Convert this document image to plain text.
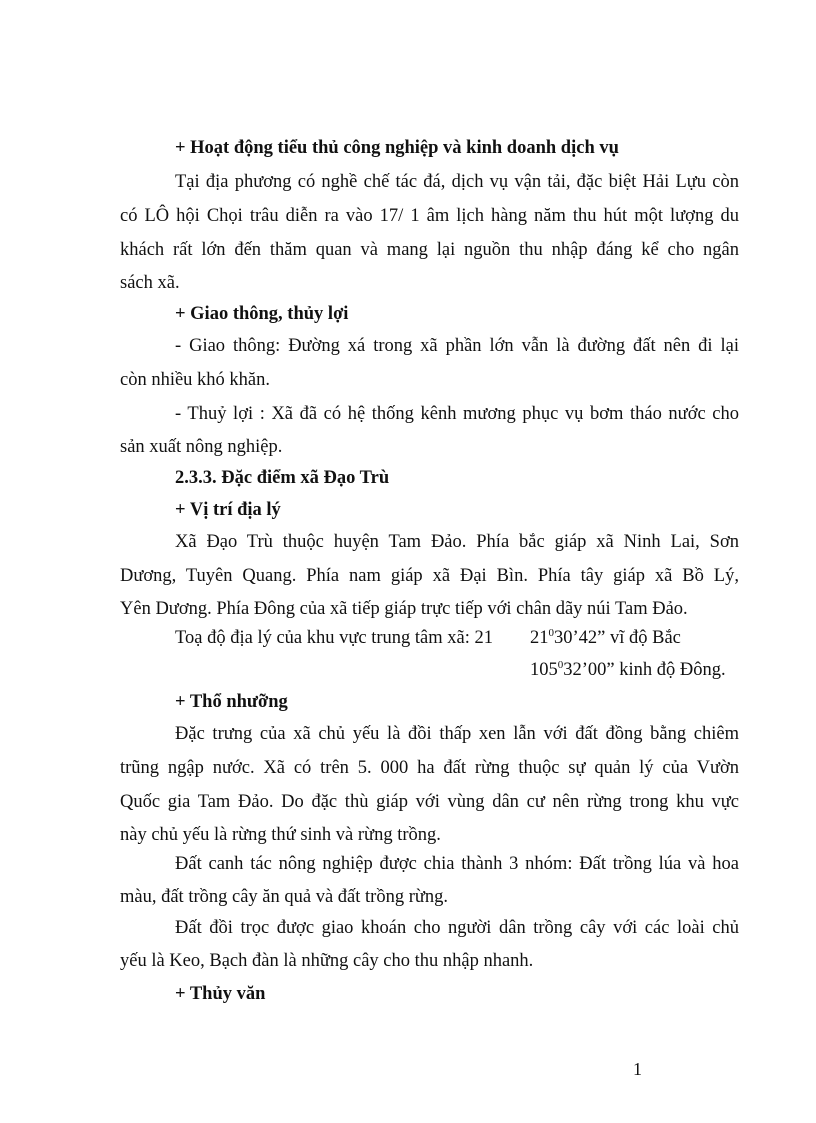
+ Hoạt động tiểu thủ công nghiệp và kinh doanh dịch vụ
Tại địa phương có nghề chế tác đá, dịch vụ vận tải, đặc biệt Hải Lựu còn
có LÔ hội Chọi trâu diễn ra vào 17/ 1 âm lịch hàng năm thu hút một lượng du
khách rất lớn đến thăm quan và mang lại nguồn thu nhập đáng kể cho ngân
sách xã.
+ Giao thông, thủy lợi
- Giao thông: Đường xá trong xã phần lớn vẫn là đường đất nên đi lại
còn nhiều khó khăn.
- Thuỷ lợi : Xã đã có hệ thống kênh mương phục vụ bơm tháo nước cho
sản xuất nông nghiệp.
2.3.3. Đặc điểm xã Đạo Trù
+ Vị trí địa lý
Xã Đạo Trù thuộc huyện Tam Đảo. Phía bắc giáp xã Ninh Lai, Sơn
Dương, Tuyên Quang. Phía nam giáp xã Đại Bìn. Phía tây giáp xã Bồ Lý,
Yên Dương. Phía Đông của xã tiếp giáp trực tiếp với chân dãy núi Tam Đảo.
Toạ độ địa lý của khu vực trung tâm xã: 21 $21^030’42$” vĩ độ Bắc
$105^032’00$” kinh độ Đông.
+ Thổ nhưỡng
Đặc trưng của xã chủ yếu là đồi thấp xen lẫn với đất đồng bằng chiêm
trũng ngập nước. Xã có trên 5. 000 ha đất rừng thuộc sự quản lý của Vườn
Quốc gia Tam Đảo. Do đặc thù giáp với vùng dân cư nên rừng trong khu vực
này chủ yếu là rừng thứ sinh và rừng trồng.
Đất canh tác nông nghiệp được chia thành 3 nhóm: Đất trồng lúa và hoa
màu, đất trồng cây ăn quả và đất trồng rừng.
Đất đồi trọc được giao khoán cho người dân trồng cây với các loài chủ
yếu là Keo, Bạch đàn là những cây cho thu nhập nhanh.
+ Thủy văn
1
